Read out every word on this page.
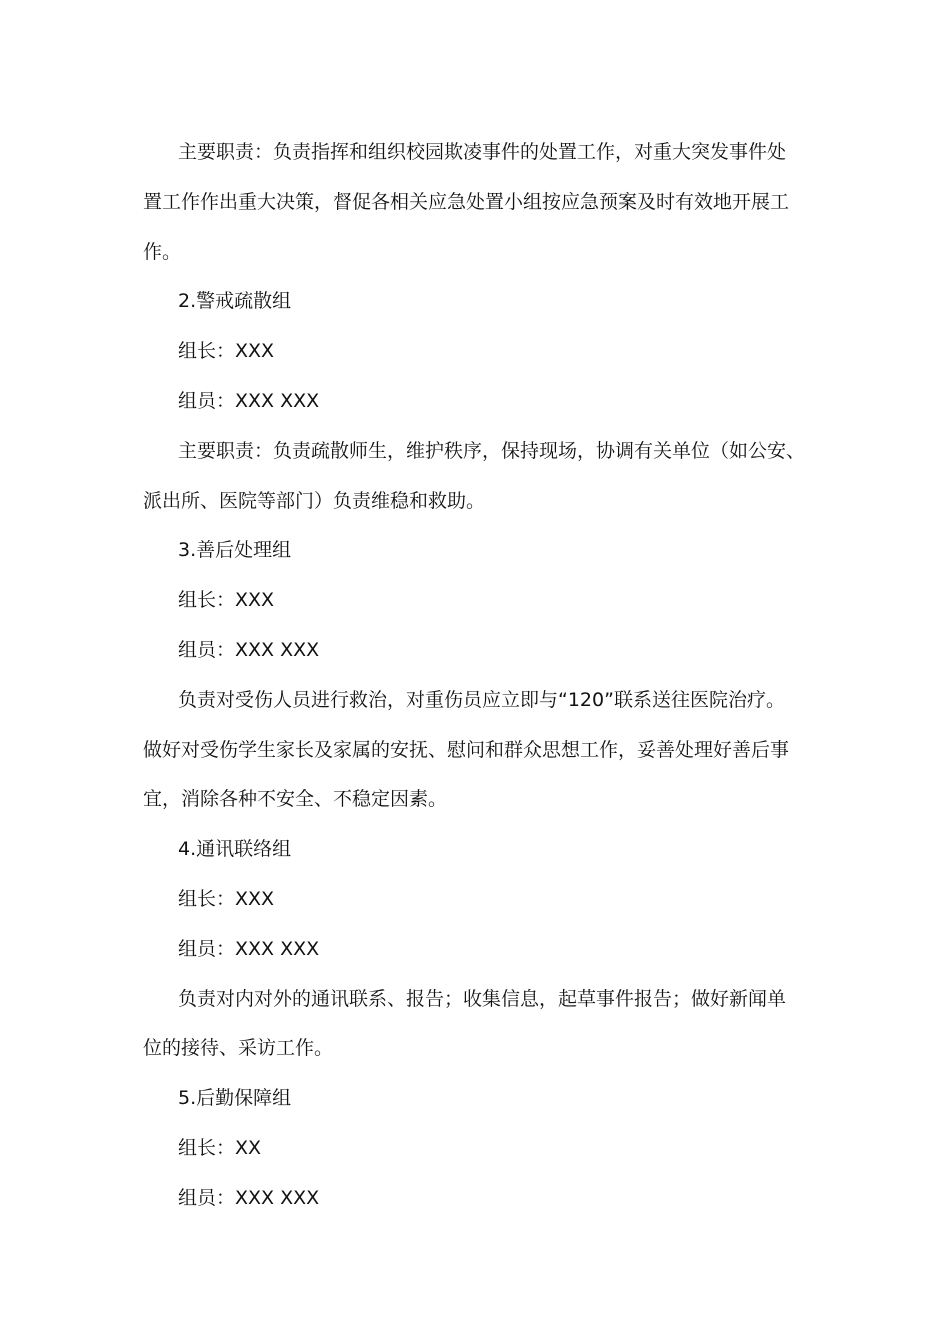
主要职责：负责指挥和组织校园欺凌事件的处置工作，对重大突发事件处
置工作作出重大决策，督促各相关应急处置小组按应急预案及时有效地开展工
作。

2.警戒疏散组

组长：XXX

组员：XXX XXX

主要职责：负责疏散师生，维护秩序，保持现场，协调有关单位（如公安、
派出所、医院等部门）负责维稳和救助。

3.善后处理组

组长：XXX

组员：XXX XXX

负责对受伤人员进行救治，对重伤员应立即与“120”联系送往医院治疗。
做好对受伤学生家长及家属的安抚、慰问和群众思想工作，妥善处理好善后事
宜，消除各种不安全、不稳定因素。

4.通讯联络组

组长：XXX

组员：XXX XXX

负责对内对外的通讯联系、报告；收集信息，起草事件报告；做好新闻单
位的接待、采访工作。

5.后勤保障组

组长：XX

组员：XXX XXX
